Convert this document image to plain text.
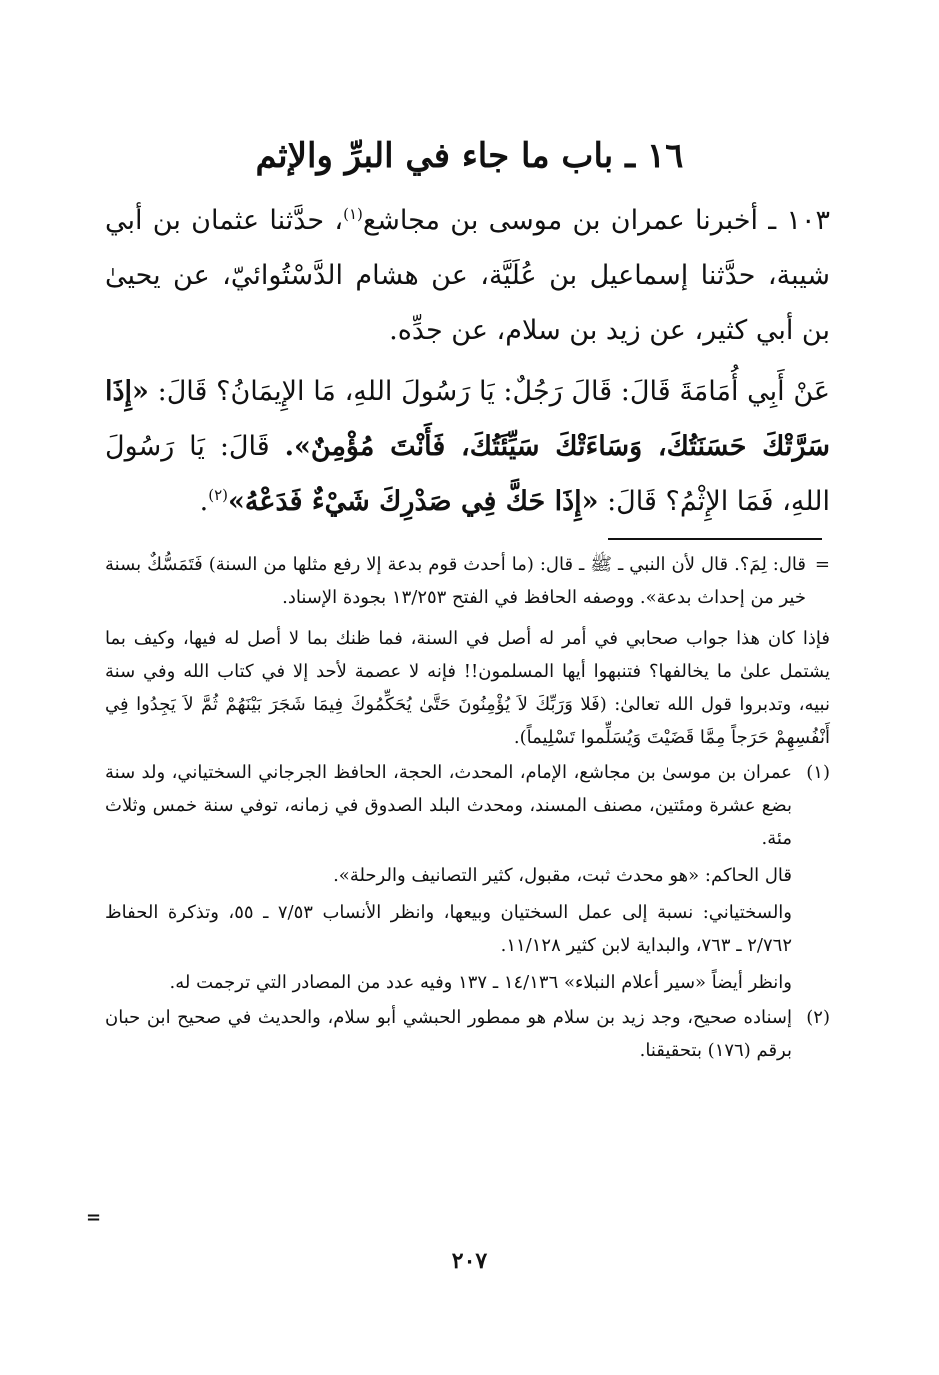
١٦ ـ باب ما جاء في البرِّ والإثم

١٠٣ ـ أخبرنا عمران بن موسى بن مجاشع$^{(١)}$، حدَّثنا عثمان بن أبي شيبة، حدَّثنا إسماعيل بن عُلَيَّة، عن هشام الدَّسْتُوائيّ، عن يحيىٰ بن أبي كثير، عن زيد بن سلام، عن جدِّه.

عَنْ أَبِي أُمَامَةَ قَالَ: قَالَ رَجُلٌ: يَا رَسُولَ اللهِ، مَا الإِيمَانُ؟ قَالَ: «إِذَا سَرَّتْكَ حَسَنَتُكَ، وَسَاءَتْكَ سَيِّئَتُكَ، فَأَنْتَ مُؤْمِنٌ». قَالَ: يَا رَسُولَ اللهِ، فَمَا الإِثْمُ؟ قَالَ: «إِذَا حَكَّ فِي صَدْرِكَ شَيْءٌ فَدَعْهُ»$^{(٢)}$.

=
قال: لِمَ؟. قال لأن النبي ـ ﷺ ـ قال: (ما أحدث قوم بدعة إلا رفع مثلها من السنة) فَتَمَسُّكٌ بسنة خير من إحداث بدعة». ووصفه الحافظ في الفتح ١٣/٢٥٣ بجودة الإسناد.

فإذا كان هذا جواب صحابي في أمر له أصل في السنة، فما ظنك بما لا أصل له فيها، وكيف بما يشتمل علىٰ ما يخالفها؟ فتنبهوا أيها المسلمون!! فإنه لا عصمة لأحد إلا في كتاب الله وفي سنة نبيه، وتدبروا قول الله تعالىٰ: (فَلا وَرَبِّكَ لاَ يُؤْمِنُونَ حَتَّىٰ يُحَكِّمُوكَ فِيمَا شَجَرَ بَيْنَهُمْ ثُمَّ لاَ يَجِدُوا فِي أَنْفُسِهِمْ حَرَجاً مِمَّا قَضَيْتَ وَيُسَلِّموا تَسْلِيماً).

(١)
عمران بن موسىٰ بن مجاشع، الإمام، المحدث، الحجة، الحافظ الجرجاني السختياني، ولد سنة بضع عشرة ومئتين، مصنف المسند، ومحدث البلد الصدوق في زمانه، توفي سنة خمس وثلاث مئة.

قال الحاكم: «هو محدث ثبت، مقبول، كثير التصانيف والرحلة».

والسختياني: نسبة إلى عمل السختيان وبيعها، وانظر الأنساب ٧/٥٣ ـ ٥٥، وتذكرة الحفاظ ٢/٧٦٢ ـ ٧٦٣، والبداية لابن كثير ١١/١٢٨.

وانظر أيضاً «سير أعلام النبلاء» ١٤/١٣٦ ـ ١٣٧ وفيه عدد من المصادر التي ترجمت له.

(٢)
إسناده صحيح، وجد زيد بن سلام هو ممطور الحبشي أبو سلام، والحديث في صحيح ابن حبان برقم (١٧٦) بتحقيقنا.

=
٢٠٧
